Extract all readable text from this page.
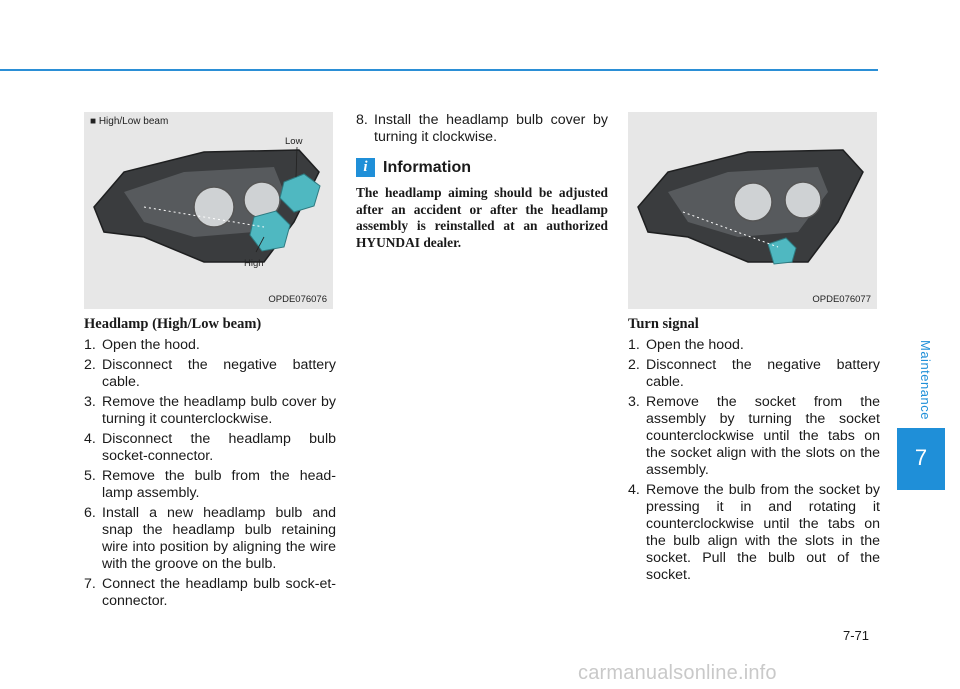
Maintenance
7
■ High/Low beam
Low
High
OPDE076076	OPDE076077
Headlamp (High/Low beam)
1. Open the hood.
2. Disconnect the negative battery cable.
3. Remove the headlamp bulb cover by turning it counterclockwise.
4. Disconnect the headlamp bulb socket-connector.
5. Remove the bulb from the head-lamp assembly.
6. Install a new headlamp bulb and snap the headlamp bulb retaining wire into position by aligning the wire with the groove on the bulb.
7. Connect the headlamp bulb sock-et-connector.
8. Install the headlamp bulb cover by turning it clockwise.
i Information
The headlamp aiming should be adjusted after an accident or after the headlamp assembly is reinstalled at an authorized HYUNDAI dealer.
Turn signal
1. Open the hood.
2. Disconnect the negative battery cable.
3. Remove the socket from the assembly by turning the socket counterclockwise until the tabs on the socket align with the slots on the assembly.
4. Remove the bulb from the socket by pressing it in and rotating it counterclockwise until the tabs on the bulb align with the slots in the socket. Pull the bulb out of the socket.
7-71
carmanualsonline.info
